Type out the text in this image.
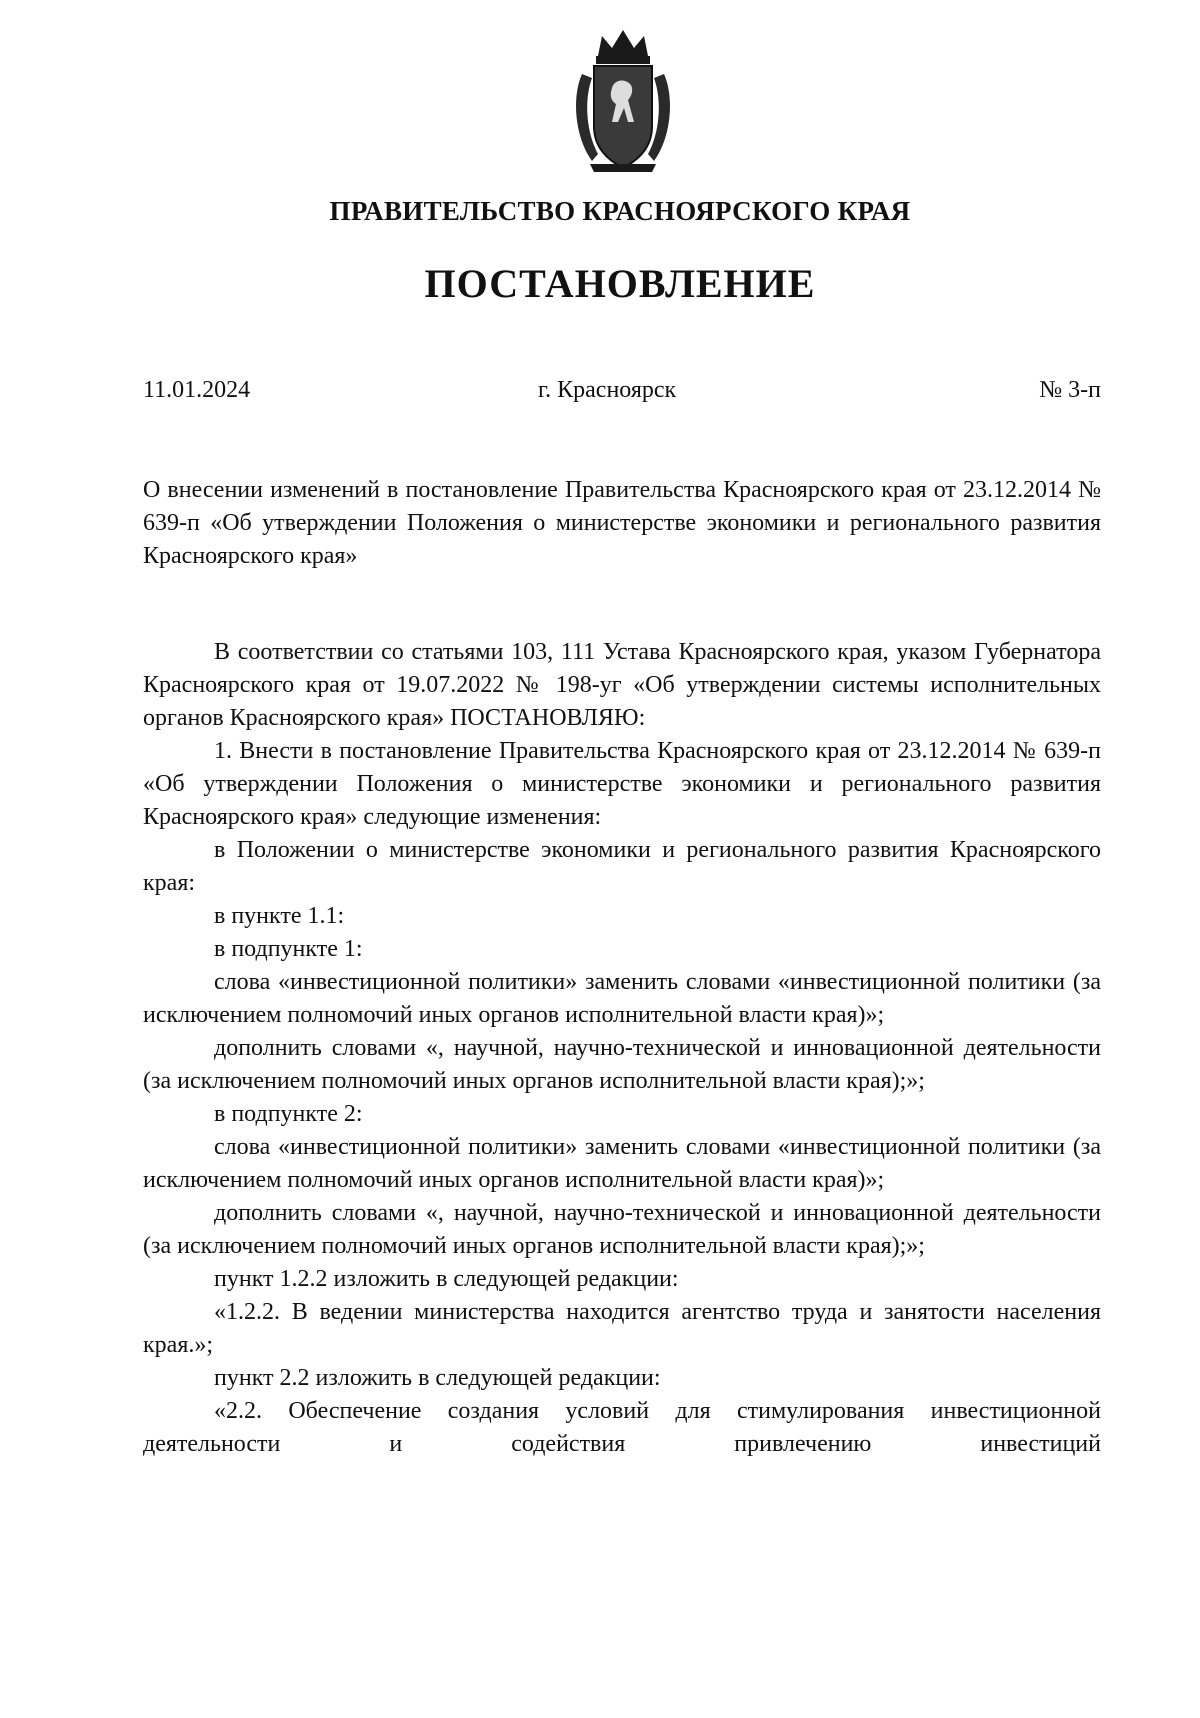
ПРАВИТЕЛЬСТВО КРАСНОЯРСКОГО КРАЯ
ПОСТАНОВЛЕНИЕ
11.01.2024	г. Красноярск	№ 3-п
О внесении изменений в постановление Правительства Красноярского края от 23.12.2014 № 639-п «Об утверждении Положения о министерстве экономики и регионального развития Красноярского края»

В соответствии со статьями 103, 111 Устава Красноярского края, указом Губернатора Красноярского края от 19.07.2022 № 198-уг «Об утверждении системы исполнительных органов Красноярского края» ПОСТАНОВЛЯЮ:

1. Внести в постановление Правительства Красноярского края от 23.12.2014 № 639-п «Об утверждении Положения о министерстве экономики и регионального развития Красноярского края» следующие изменения:

в Положении о министерстве экономики и регионального развития Красноярского края:

в пункте 1.1:

в подпункте 1:

слова «инвестиционной политики» заменить словами «инвестиционной политики (за исключением полномочий иных органов исполнительной власти края)»;

дополнить словами «, научной, научно-технической и инновационной деятельности (за исключением полномочий иных органов исполнительной власти края);»;

в подпункте 2:

слова «инвестиционной политики» заменить словами «инвестиционной политики (за исключением полномочий иных органов исполнительной власти края)»;

дополнить словами «, научной, научно-технической и инновационной деятельности (за исключением полномочий иных органов исполнительной власти края);»;

пункт 1.2.2 изложить в следующей редакции:

«1.2.2. В ведении министерства находится агентство труда и занятости населения края.»;

пункт 2.2 изложить в следующей редакции:

«2.2. Обеспечение создания условий для стимулирования инвестиционной деятельности и содействия привлечению инвестиций
